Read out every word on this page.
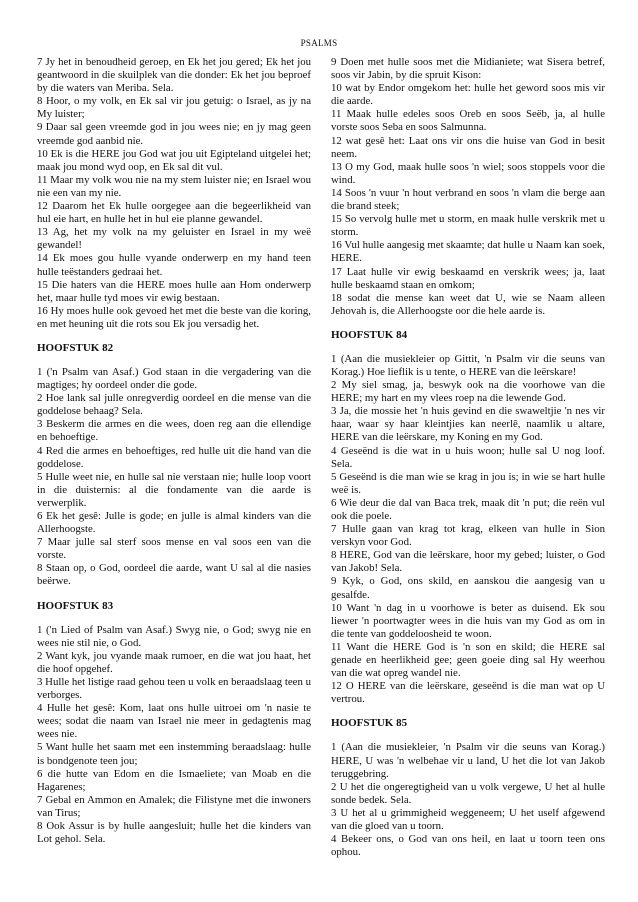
PSALMS

7 Jy het in benoudheid geroep, en Ek het jou gered; Ek het jou geantwoord in die skuilplek van die donder: Ek het jou beproef by die waters van Meriba. Sela.

8 Hoor, o my volk, en Ek sal vir jou getuig: o Israel, as jy na My luister;

9 Daar sal geen vreemde god in jou wees nie; en jy mag geen vreemde god aanbid nie.

10 Ek is die HERE jou God wat jou uit Egipteland uitgelei het; maak jou mond wyd oop, en Ek sal dit vul.

11 Maar my volk wou nie na my stem luister nie; en Israel wou nie een van my nie.

12 Daarom het Ek hulle oorgegee aan die begeerlikheid van hul eie hart, en hulle het in hul eie planne gewandel.

13 Ag, het my volk na my geluister en Israel in my weë gewandel!

14 Ek moes gou hulle vyande onderwerp en my hand teen hulle teëstanders gedraai het.

15 Die haters van die HERE moes hulle aan Hom onderwerp het, maar hulle tyd moes vir ewig bestaan.

16 Hy moes hulle ook gevoed het met die beste van die koring, en met heuning uit die rots sou Ek jou versadig het.

HOOFSTUK 82

1 ('n Psalm van Asaf.) God staan in die vergadering van die magtiges; hy oordeel onder die gode.

2 Hoe lank sal julle onregverdig oordeel en die mense van die goddelose behaag? Sela.

3 Beskerm die armes en die wees, doen reg aan die ellendige en behoeftige.

4 Red die armes en behoeftiges, red hulle uit die hand van die goddelose.

5 Hulle weet nie, en hulle sal nie verstaan nie; hulle loop voort in die duisternis: al die fondamente van die aarde is verwerplik.

6 Ek het gesê: Julle is gode; en julle is almal kinders van die Allerhoogste.

7 Maar julle sal sterf soos mense en val soos een van die vorste.

8 Staan op, o God, oordeel die aarde, want U sal al die nasies beërwe.

HOOFSTUK 83

1 ('n Lied of Psalm van Asaf.) Swyg nie, o God; swyg nie en wees nie stil nie, o God.

2 Want kyk, jou vyande maak rumoer, en die wat jou haat, het die hoof opgehef.

3 Hulle het listige raad gehou teen u volk en beraadslaag teen u verborges.

4 Hulle het gesê: Kom, laat ons hulle uitroei om 'n nasie te wees; sodat die naam van Israel nie meer in gedagtenis mag wees nie.

5 Want hulle het saam met een instemming beraadslaag: hulle is bondgenote teen jou;

6 die hutte van Edom en die Ismaeliete; van Moab en die Hagarenes;

7 Gebal en Ammon en Amalek; die Filistyne met die inwoners van Tirus;

8 Ook Assur is by hulle aangesluit; hulle het die kinders van Lot gehol. Sela.

9 Doen met hulle soos met die Midianiete; wat Sisera betref, soos vir Jabin, by die spruit Kison:

10 wat by Endor omgekom het: hulle het geword soos mis vir die aarde.

11 Maak hulle edeles soos Oreb en soos Seëb, ja, al hulle vorste soos Seba en soos Salmunna.

12 wat gesê het: Laat ons vir ons die huise van God in besit neem.

13 O my God, maak hulle soos 'n wiel; soos stoppels voor die wind.

14 Soos 'n vuur 'n hout verbrand en soos 'n vlam die berge aan die brand steek;

15 So vervolg hulle met u storm, en maak hulle verskrik met u storm.

16 Vul hulle aangesig met skaamte; dat hulle u Naam kan soek, HERE.

17 Laat hulle vir ewig beskaamd en verskrik wees; ja, laat hulle beskaamd staan en omkom;

18 sodat die mense kan weet dat U, wie se Naam alleen Jehovah is, die Allerhoogste oor die hele aarde is.

HOOFSTUK 84

1 (Aan die musiekleier op Gittit, 'n Psalm vir die seuns van Korag.) Hoe lieflik is u tente, o HERE van die leërskare!

2 My siel smag, ja, beswyk ook na die voorhowe van die HERE; my hart en my vlees roep na die lewende God.

3 Ja, die mossie het 'n huis gevind en die swaweltjie 'n nes vir haar, waar sy haar kleintjies kan neerlê, naamlik u altare, HERE van die leërskare, my Koning en my God.

4 Geseënd is die wat in u huis woon; hulle sal U nog loof. Sela.

5 Geseënd is die man wie se krag in jou is; in wie se hart hulle weë is.

6 Wie deur die dal van Baca trek, maak dit 'n put; die reën vul ook die poele.

7 Hulle gaan van krag tot krag, elkeen van hulle in Sion verskyn voor God.

8 HERE, God van die leërskare, hoor my gebed; luister, o God van Jakob! Sela.

9 Kyk, o God, ons skild, en aanskou die aangesig van u gesalfde.

10 Want 'n dag in u voorhowe is beter as duisend. Ek sou liewer 'n poortwagter wees in die huis van my God as om in die tente van goddeloosheid te woon.

11 Want die HERE God is 'n son en skild; die HERE sal genade en heerlikheid gee; geen goeie ding sal Hy weerhou van die wat opreg wandel nie.

12 O HERE van die leërskare, geseënd is die man wat op U vertrou.

HOOFSTUK 85

1 (Aan die musiekleier, 'n Psalm vir die seuns van Korag.) HERE, U was 'n welbehae vir u land, U het die lot van Jakob teruggebring.

2 U het die ongeregtigheid van u volk vergewe, U het al hulle sonde bedek. Sela.

3 U het al u grimmigheid weggeneem; U het uself afgewend van die gloed van u toorn.

4 Bekeer ons, o God van ons heil, en laat u toorn teen ons ophou.
